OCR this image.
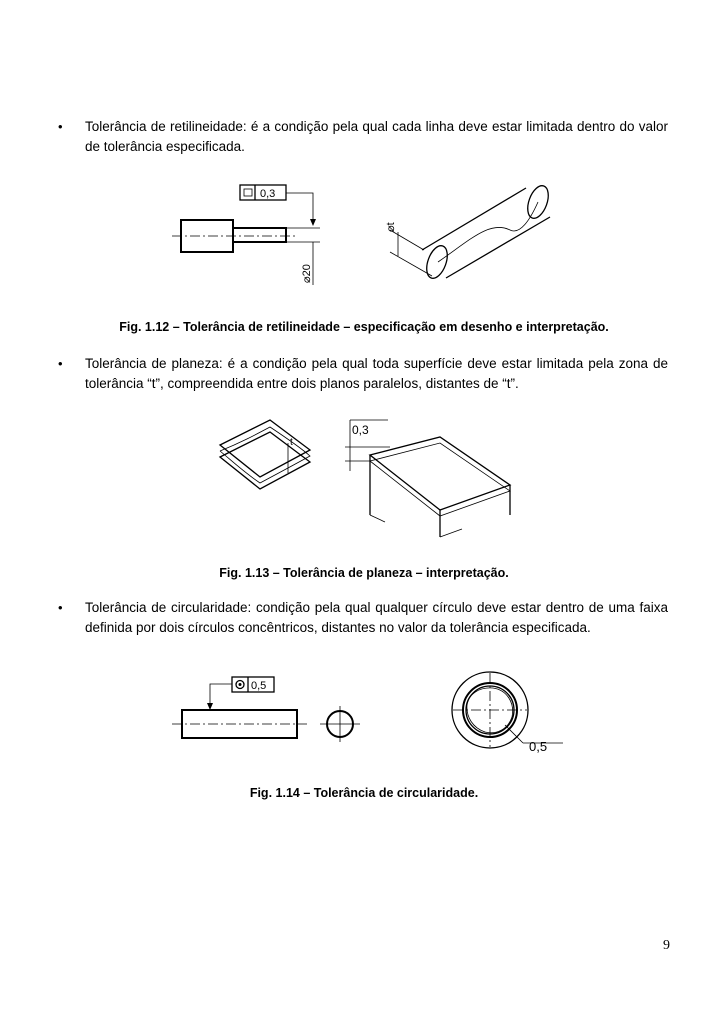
• Tolerância de retilineidade: é a condição pela qual cada linha deve estar limitada dentro do valor de tolerância especificada.
0,3
⌀20
⌀t
Fig. 1.12 – Tolerância de retilineidade – especificação em desenho e interpretação.
• Tolerância de planeza: é a condição pela qual toda superfície deve estar limitada pela zona de tolerância “t”, compreendida entre dois planos paralelos, distantes de “t”.
t
0,3
Fig. 1.13 – Tolerância de planeza – interpretação.
• Tolerância de circularidade: condição pela qual qualquer círculo deve estar dentro de uma faixa definida por dois círculos concêntricos, distantes no valor da tolerância especificada.
0,5
0,5
Fig. 1.14 – Tolerância de circularidade.
9
